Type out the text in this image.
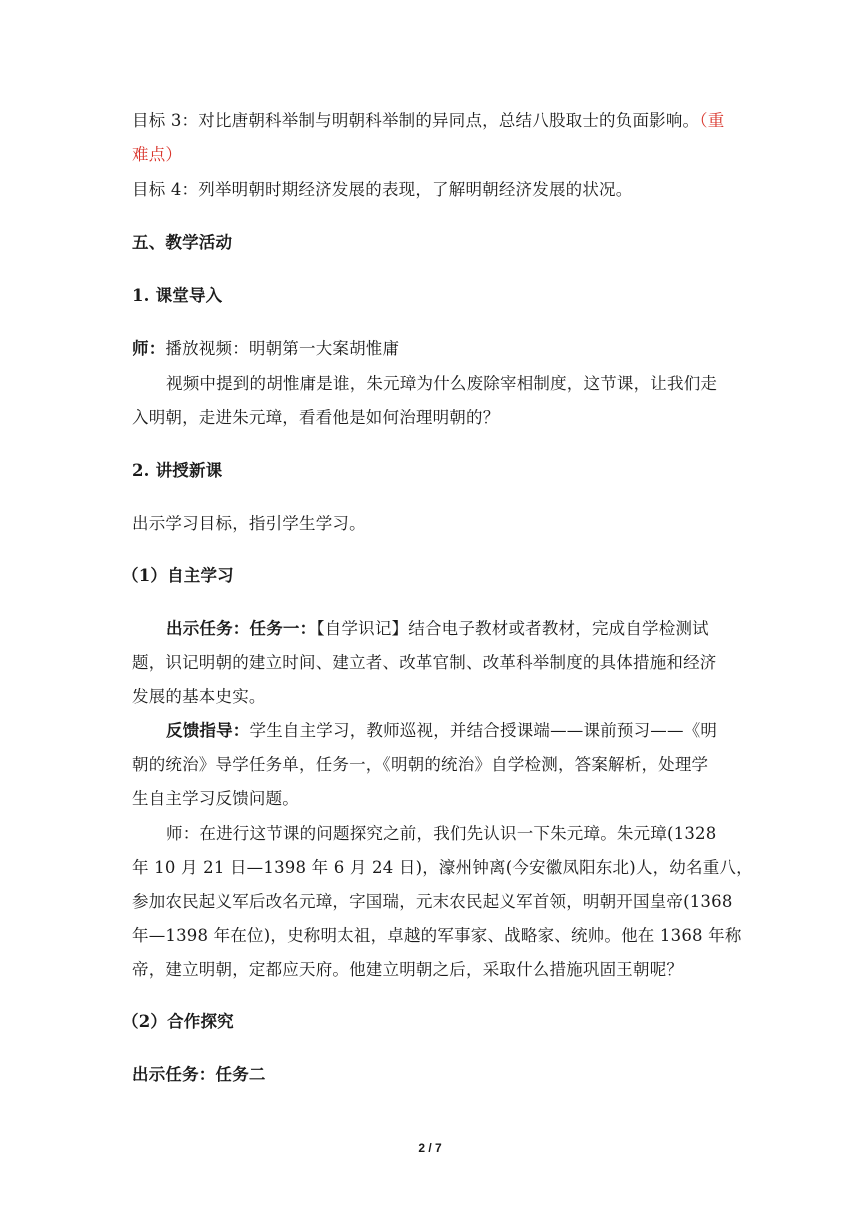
目标 3：对比唐朝科举制与明朝科举制的异同点，总结八股取士的负面影响。（重
难点）
目标 4：列举明朝时期经济发展的表现，了解明朝经济发展的状况。
五、教学活动
1. 课堂导入
师：播放视频：明朝第一大案胡惟庸
视频中提到的胡惟庸是谁，朱元璋为什么废除宰相制度，这节课，让我们走
入明朝，走进朱元璋，看看他是如何治理明朝的？
2. 讲授新课
出示学习目标，指引学生学习。
（1）自主学习
出示任务：任务一：【自学识记】结合电子教材或者教材，完成自学检测试
题，识记明朝的建立时间、建立者、改革官制、改革科举制度的具体措施和经济
发展的基本史实。
反馈指导：学生自主学习，教师巡视，并结合授课端——课前预习——《明
朝的统治》导学任务单，任务一，《明朝的统治》自学检测，答案解析，处理学
生自主学习反馈问题。
师：在进行这节课的问题探究之前，我们先认识一下朱元璋。朱元璋(1328
年 10 月 21 日—1398 年 6 月 24 日)，濠州钟离(今安徽凤阳东北)人，幼名重八，
参加农民起义军后改名元璋，字国瑞，元末农民起义军首领，明朝开国皇帝(1368
年—1398 年在位)，史称明太祖，卓越的军事家、战略家、统帅。他在 1368 年称
帝，建立明朝，定都应天府。他建立明朝之后，采取什么措施巩固王朝呢？
（2）合作探究
出示任务：任务二
2 / 7
